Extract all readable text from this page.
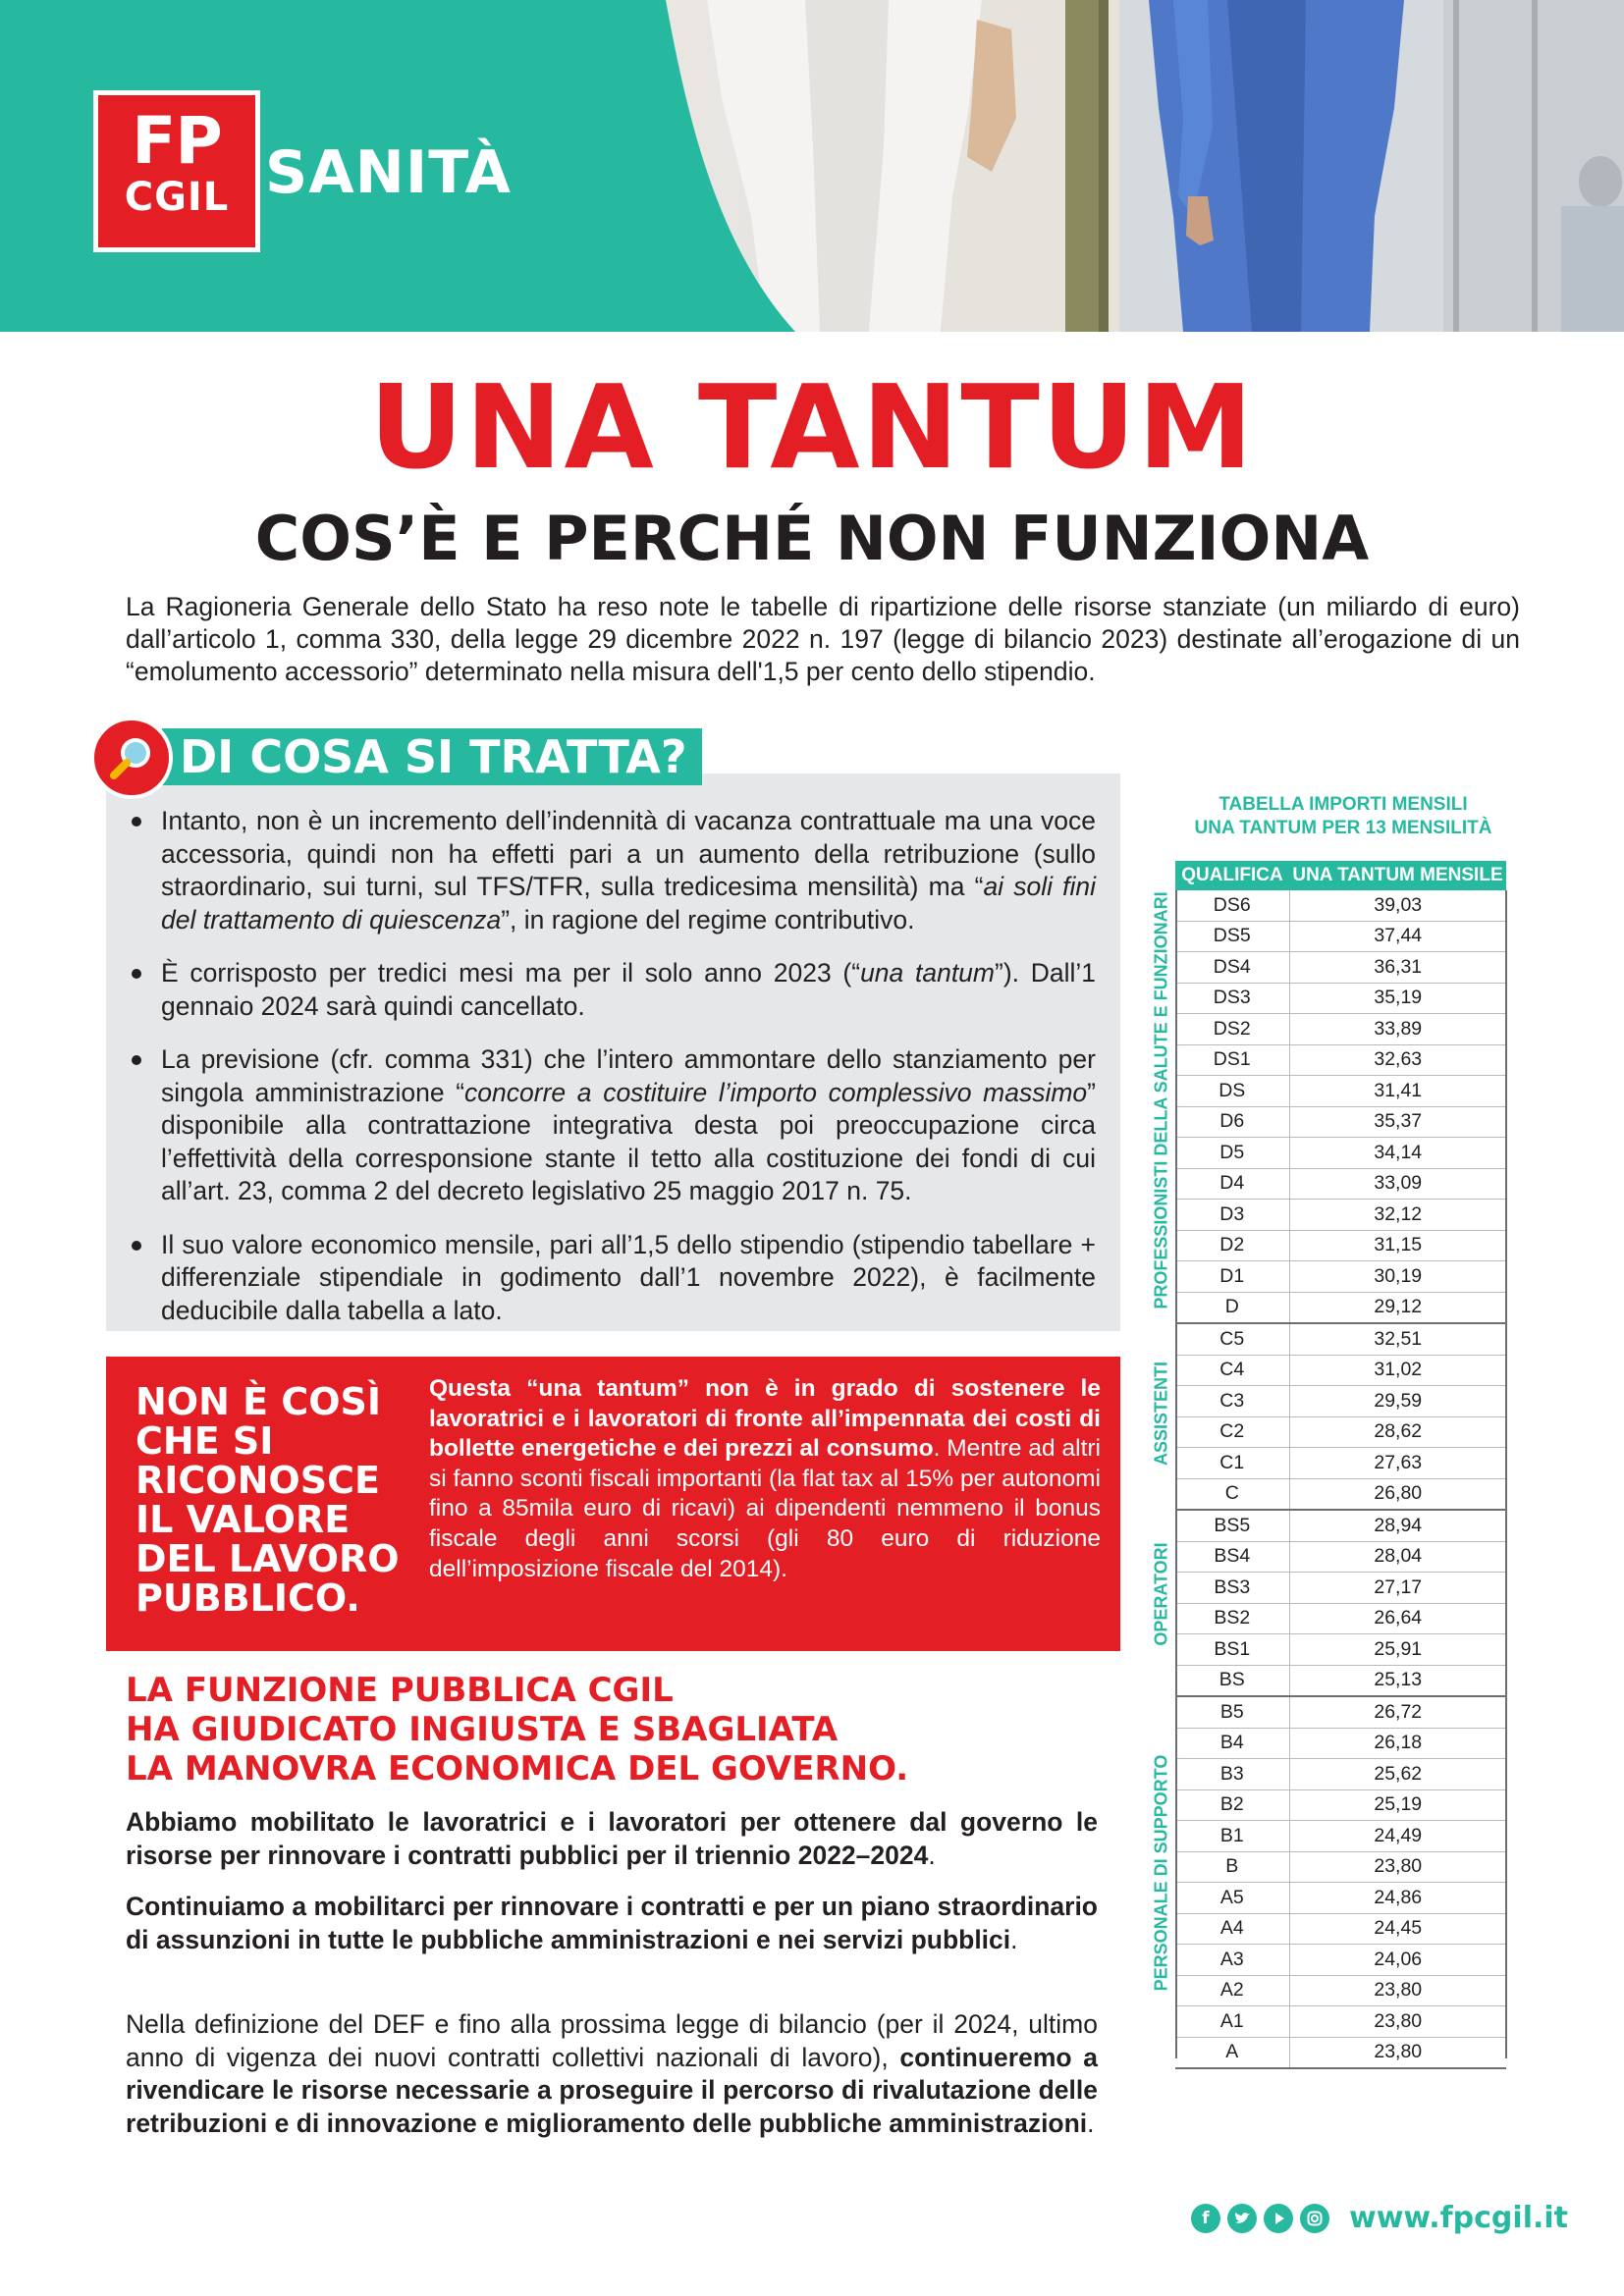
FP
CGIL SANITÀ
UNA TANTUM
COS’È E PERCHÉ NON FUNZIONA
La Ragioneria Generale dello Stato ha reso note le tabelle di ripartizione delle risorse stanziate (un miliardo di euro) dall’articolo 1, comma 330, della legge 29 dicembre 2022 n. 197 (legge di bilancio 2023) destinate all’erogazione di un “emolumento accessorio” determinato nella misura dell'1,5 per cento dello stipendio.
DI COSA SI TRATTA?
Intanto, non è un incremento dell’indennità di vacanza contrattuale ma una voce accessoria, quindi non ha effetti pari a un aumento della retribuzione (sullo straordinario, sui turni, sul TFS/TFR, sulla tredicesima mensilità) ma “ai soli fini del trattamento di quiescenza”, in ragione del regime contributivo.
È corrisposto per tredici mesi ma per il solo anno 2023 (“una tantum”). Dall’1 gennaio 2024 sarà quindi cancellato.
La previsione (cfr. comma 331) che l’intero ammontare dello stanziamento per singola amministrazione “concorre a costituire l’importo complessivo massimo” disponibile alla contrattazione integrativa desta poi preoccupazione circa l’effettività della corresponsione stante il tetto alla costituzione dei fondi di cui all’art. 23, comma 2 del decreto legislativo 25 maggio 2017 n. 75.
Il suo valore economico mensile, pari all’1,5 dello stipendio (stipendio tabellare + differenziale stipendiale in godimento dall’1 novembre 2022), è facilmente deducibile dalla tabella a lato.
NON È COSÌ CHE SI RICONOSCE IL VALORE DEL LAVORO PUBBLICO.
Questa “una tantum” non è in grado di sostenere le lavoratrici e i lavoratori di fronte all’impennata dei costi di bollette energetiche e dei prezzi al consumo. Mentre ad altri si fanno sconti fiscali importanti (la flat tax al 15% per autonomi fino a 85mila euro di ricavi) ai dipendenti nemmeno il bonus fiscale degli anni scorsi (gli 80 euro di riduzione dell’imposizione fiscale del 2014).
LA FUNZIONE PUBBLICA CGIL
HA GIUDICATO INGIUSTA E SBAGLIATA
LA MANOVRA ECONOMICA DEL GOVERNO.
Abbiamo mobilitato le lavoratrici e i lavoratori per ottenere dal governo le risorse per rinnovare i contratti pubblici per il triennio 2022–2024.
Continuiamo a mobilitarci per rinnovare i contratti e per un piano straordinario di assunzioni in tutte le pubbliche amministrazioni e nei servizi pubblici.
Nella definizione del DEF e fino alla prossima legge di bilancio (per il 2024, ultimo anno di vigenza dei nuovi contratti collettivi nazionali di lavoro), continueremo a rivendicare le risorse necessarie a proseguire il percorso di rivalutazione delle retribuzioni e di innovazione e miglioramento delle pubbliche amministrazioni.
TABELLA IMPORTI MENSILI
UNA TANTUM PER 13 MENSILITÀ
QUALIFICA	UNA TANTUM MENSILE
DS6	39,03
DS5	37,44
DS4	36,31
DS3	35,19
DS2	33,89
DS1	32,63
DS	31,41
D6	35,37
D5	34,14
D4	33,09
D3	32,12
D2	31,15
D1	30,19
D	29,12
C5	32,51
C4	31,02
C3	29,59
C2	28,62
C1	27,63
C	26,80
BS5	28,94
BS4	28,04
BS3	27,17
BS2	26,64
BS1	25,91
BS	25,13
B5	26,72
B4	26,18
B3	25,62
B2	25,19
B1	24,49
B	23,80
A5	24,86
A4	24,45
A3	24,06
A2	23,80
A1	23,80
A	23,80
PROFESSIONISTI DELLA SALUTE E FUNZIONARI
ASSISTENTI
OPERATORI
PERSONALE DI SUPPORTO
f	www.fpcgil.it
